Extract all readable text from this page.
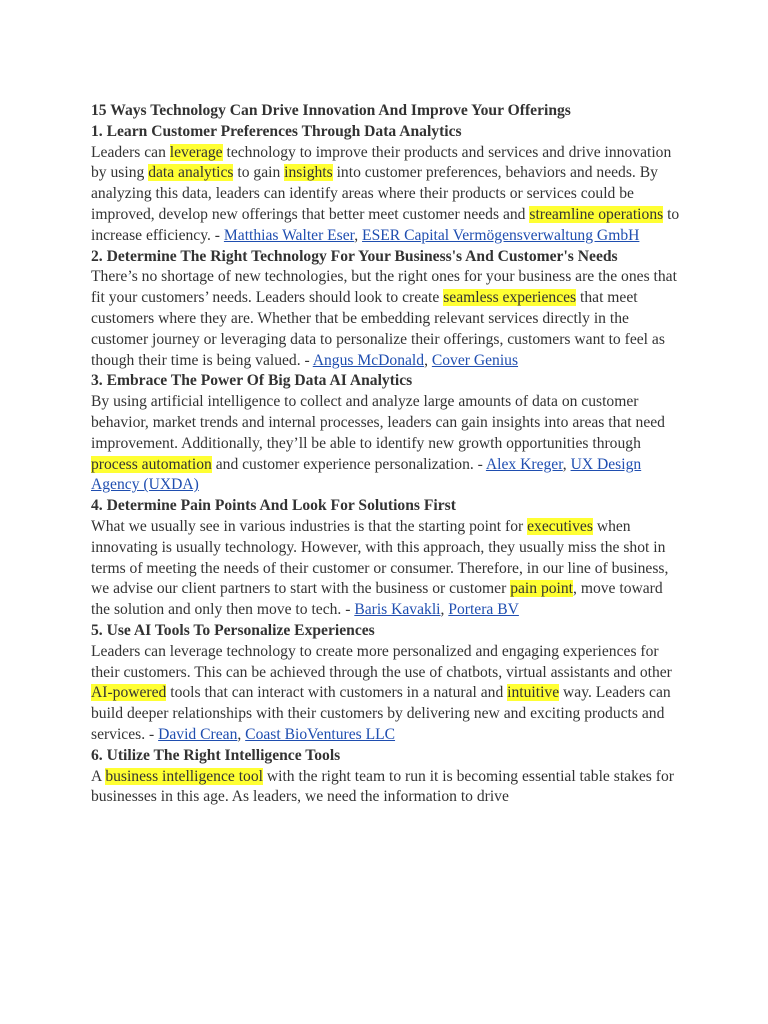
15 Ways Technology Can Drive Innovation And Improve Your Offerings
1. Learn Customer Preferences Through Data Analytics

Leaders can leverage technology to improve their products and services and drive innovation by using data analytics to gain insights into customer preferences, behaviors and needs. By analyzing this data, leaders can identify areas where their products or services could be improved, develop new offerings that better meet customer needs and streamline operations to increase efficiency. - Matthias Walter Eser, ESER Capital Vermögensverwaltung GmbH

2. Determine The Right Technology For Your Business's And Customer's Needs

There’s no shortage of new technologies, but the right ones for your business are the ones that fit your customers’ needs. Leaders should look to create seamless experiences that meet customers where they are. Whether that be embedding relevant services directly in the customer journey or leveraging data to personalize their offerings, customers want to feel as though their time is being valued. - Angus McDonald, Cover Genius

3. Embrace The Power Of Big Data AI Analytics

By using artificial intelligence to collect and analyze large amounts of data on customer behavior, market trends and internal processes, leaders can gain insights into areas that need improvement. Additionally, they’ll be able to identify new growth opportunities through process automation and customer experience personalization. - Alex Kreger, UX Design Agency (UXDA)

4. Determine Pain Points And Look For Solutions First

What we usually see in various industries is that the starting point for executives when innovating is usually technology. However, with this approach, they usually miss the shot in terms of meeting the needs of their customer or consumer. Therefore, in our line of business, we advise our client partners to start with the business or customer pain point, move toward the solution and only then move to tech. - Baris Kavakli, Portera BV

5. Use AI Tools To Personalize Experiences

Leaders can leverage technology to create more personalized and engaging experiences for their customers. This can be achieved through the use of chatbots, virtual assistants and other AI-powered tools that can interact with customers in a natural and intuitive way. Leaders can build deeper relationships with their customers by delivering new and exciting products and services. - David Crean, Coast BioVentures LLC

6. Utilize The Right Intelligence Tools

A business intelligence tool with the right team to run it is becoming essential table stakes for businesses in this age. As leaders, we need the information to drive
